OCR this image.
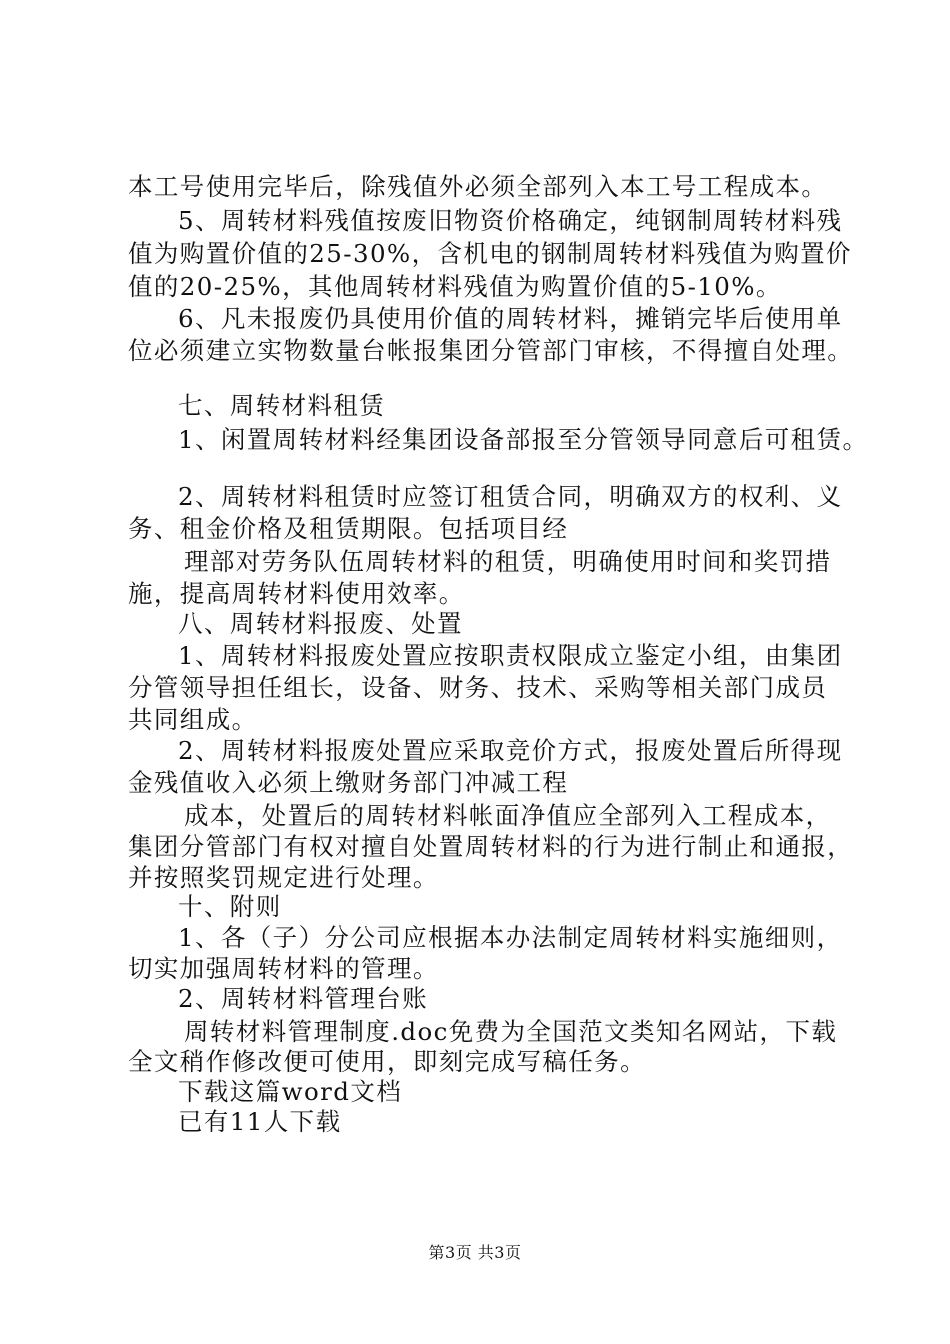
本工号使用完毕后，除残值外必须全部列入本工号工程成本。
5、周转材料残值按废旧物资价格确定，纯钢制周转材料残
值为购置价值的25-30%，含机电的钢制周转材料残值为购置价
值的20-25%，其他周转材料残值为购置价值的5-10%。
6、凡未报废仍具使用价值的周转材料，摊销完毕后使用单
位必须建立实物数量台帐报集团分管部门审核，不得擅自处理。
七、周转材料租赁
1、闲置周转材料经集团设备部报至分管领导同意后可租赁。
2、周转材料租赁时应签订租赁合同，明确双方的权利、义
务、租金价格及租赁期限。包括项目经
理部对劳务队伍周转材料的租赁，明确使用时间和奖罚措
施，提高周转材料使用效率。
八、周转材料报废、处置
1、周转材料报废处置应按职责权限成立鉴定小组，由集团
分管领导担任组长，设备、财务、技术、采购等相关部门成员
共同组成。
2、周转材料报废处置应采取竞价方式，报废处置后所得现
金残值收入必须上缴财务部门冲减工程
成本，处置后的周转材料帐面净值应全部列入工程成本，
集团分管部门有权对擅自处置周转材料的行为进行制止和通报，
并按照奖罚规定进行处理。
十、附则
1、各（子）分公司应根据本办法制定周转材料实施细则，
切实加强周转材料的管理。
2、周转材料管理台账
周转材料管理制度.doc免费为全国范文类知名网站，下载
全文稍作修改便可使用，即刻完成写稿任务。
下载这篇word文档
已有11人下载
第3页 共3页
